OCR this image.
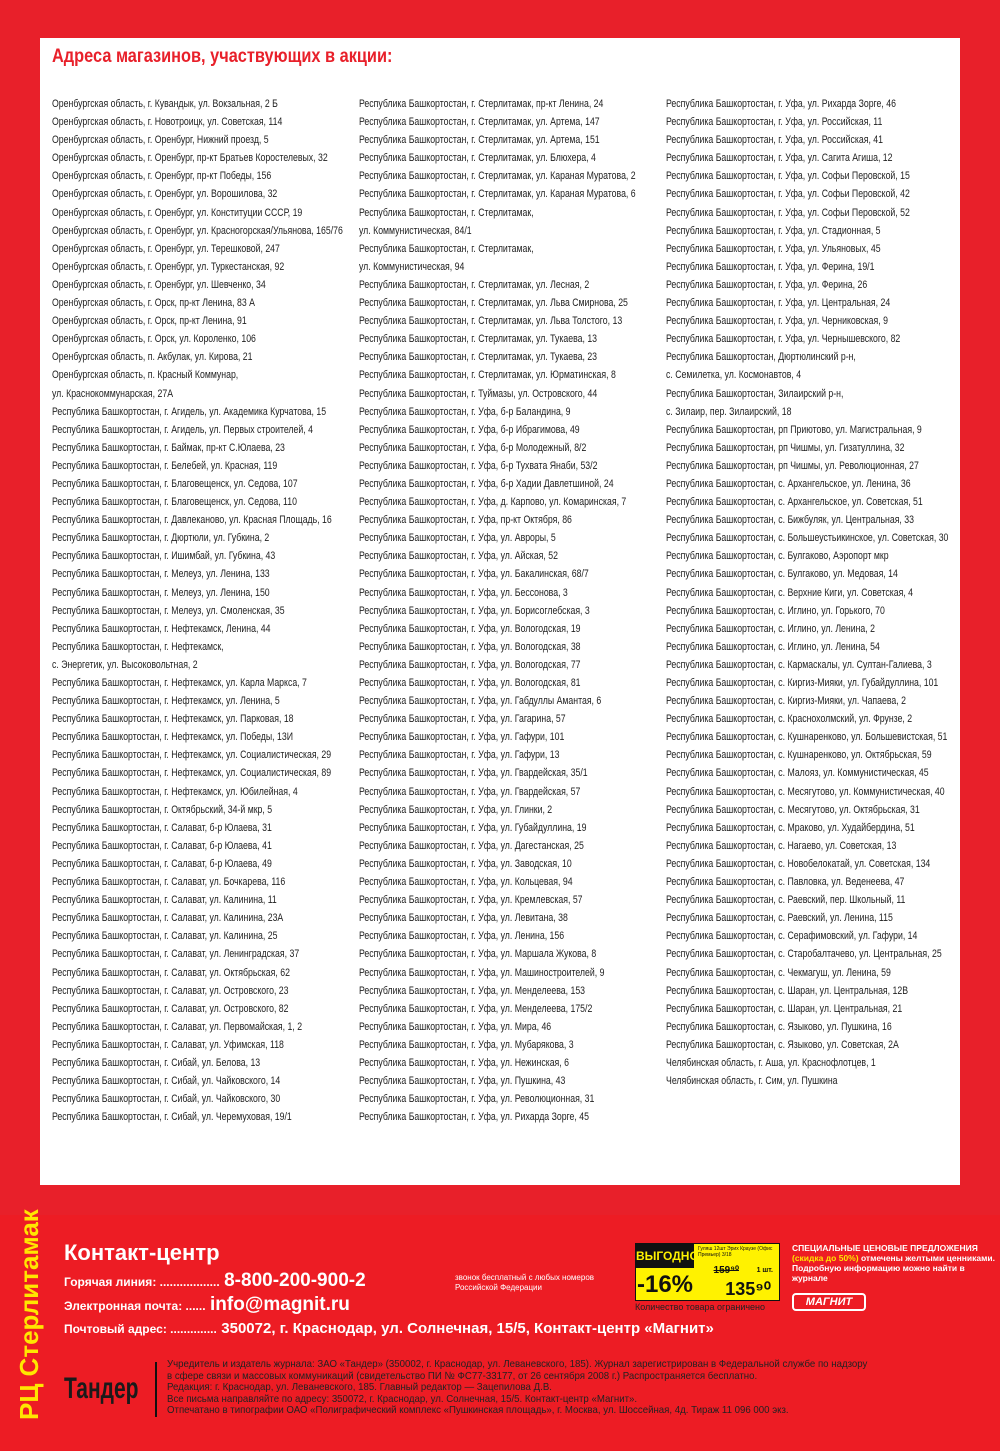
Адреса магазинов, участвующих в акции:
Оренбургская область, г. Кувандык, ул. Вокзальная, 2 Б
Оренбургская область, г. Новотроицк, ул. Советская, 114
Оренбургская область, г. Оренбург, Нижний проезд, 5
Оренбургская область, г. Оренбург, пр-кт Братьев Коростелевых, 32
Оренбургская область, г. Оренбург, пр-кт Победы, 156
Оренбургская область, г. Оренбург, ул. Ворошилова, 32
Оренбургская область, г. Оренбург, ул. Конституции СССР, 19
Оренбургская область, г. Оренбург, ул. Красногорская/Ульянова, 165/76
Оренбургская область, г. Оренбург, ул. Терешковой, 247
Оренбургская область, г. Оренбург, ул. Туркестанская, 92
Оренбургская область, г. Оренбург, ул. Шевченко, 34
Оренбургская область, г. Орск, пр-кт Ленина, 83 А
Оренбургская область, г. Орск, пр-кт Ленина, 91
Оренбургская область, г. Орск, ул. Короленко, 106
Оренбургская область, п. Акбулак, ул. Кирова, 21
Оренбургская область, п. Красный Коммунар,
ул. Краснокоммунарская, 27А
Республика Башкортостан, г. Агидель, ул. Академика Курчатова, 15
Республика Башкортостан, г. Агидель, ул. Первых строителей, 4
Республика Башкортостан, г. Баймак, пр-кт С.Юлаева, 23
Республика Башкортостан, г. Белебей, ул. Красная, 119
Республика Башкортостан, г. Благовещенск, ул. Седова, 107
Республика Башкортостан, г. Благовещенск, ул. Седова, 110
Республика Башкортостан, г. Давлеканово, ул. Красная Площадь, 16
Республика Башкортостан, г. Дюртюли, ул. Губкина, 2
Республика Башкортостан, г. Ишимбай, ул. Губкина, 43
Республика Башкортостан, г. Мелеуз, ул. Ленина, 133
Республика Башкортостан, г. Мелеуз, ул. Ленина, 150
Республика Башкортостан, г. Мелеуз, ул. Смоленская, 35
Республика Башкортостан, г. Нефтекамск, Ленина, 44
Республика Башкортостан, г. Нефтекамск,
с. Энергетик, ул. Высоковольтная, 2
Республика Башкортостан, г. Нефтекамск, ул. Карла Маркса, 7
Республика Башкортостан, г. Нефтекамск, ул. Ленина, 5
Республика Башкортостан, г. Нефтекамск, ул. Парковая, 18
Республика Башкортостан, г. Нефтекамск, ул. Победы, 13И
Республика Башкортостан, г. Нефтекамск, ул. Социалистическая, 29
Республика Башкортостан, г. Нефтекамск, ул. Социалистическая, 89
Республика Башкортостан, г. Нефтекамск, ул. Юбилейная, 4
Республика Башкортостан, г. Октябрьский, 34-й мкр, 5
Республика Башкортостан, г. Салават, б-р Юлаева, 31
Республика Башкортостан, г. Салават, б-р Юлаева, 41
Республика Башкортостан, г. Салават, б-р Юлаева, 49
Республика Башкортостан, г. Салават, ул. Бочкарева, 116
Республика Башкортостан, г. Салават, ул. Калинина, 11
Республика Башкортостан, г. Салават, ул. Калинина, 23А
Республика Башкортостан, г. Салават, ул. Калинина, 25
Республика Башкортостан, г. Салават, ул. Ленинградская, 37
Республика Башкортостан, г. Салават, ул. Октябрьская, 62
Республика Башкортостан, г. Салават, ул. Островского, 23
Республика Башкортостан, г. Салават, ул. Островского, 82
Республика Башкортостан, г. Салават, ул. Первомайская, 1, 2
Республика Башкортостан, г. Салават, ул. Уфимская, 118
Республика Башкортостан, г. Сибай, ул. Белова, 13
Республика Башкортостан, г. Сибай, ул. Чайковского, 14
Республика Башкортостан, г. Сибай, ул. Чайковского, 30
Республика Башкортостан, г. Сибай, ул. Черемуховая, 19/1
Республика Башкортостан, г. Стерлитамак, пр-кт Ленина, 24
Республика Башкортостан, г. Стерлитамак, ул. Артема, 147
Республика Башкортостан, г. Стерлитамак, ул. Артема, 151
Республика Башкортостан, г. Стерлитамак, ул. Блюхера, 4
Республика Башкортостан, г. Стерлитамак, ул. Караная Муратова, 2
Республика Башкортостан, г. Стерлитамак, ул. Караная Муратова, 6
Республика Башкортостан, г. Стерлитамак,
ул. Коммунистическая, 84/1
Республика Башкортостан, г. Стерлитамак,
ул. Коммунистическая, 94
Республика Башкортостан, г. Стерлитамак, ул. Лесная, 2
Республика Башкортостан, г. Стерлитамак, ул. Льва Смирнова, 25
Республика Башкортостан, г. Стерлитамак, ул. Льва Толстого, 13
Республика Башкортостан, г. Стерлитамак, ул. Тукаева, 13
Республика Башкортостан, г. Стерлитамак, ул. Тукаева, 23
Республика Башкортостан, г. Стерлитамак, ул. Юрматинская, 8
Республика Башкортостан, г. Туймазы, ул. Островского, 44
Республика Башкортостан, г. Уфа, б-р Баландина, 9
Республика Башкортостан, г. Уфа, б-р Ибрагимова, 49
Республика Башкортостан, г. Уфа, б-р Молодежный, 8/2
Республика Башкортостан, г. Уфа, б-р Тухвата Янаби, 53/2
Республика Башкортостан, г. Уфа, б-р Хадии Давлетшиной, 24
Республика Башкортостан, г. Уфа, д. Карпово, ул. Комаринская, 7
Республика Башкортостан, г. Уфа, пр-кт Октября, 86
Республика Башкортостан, г. Уфа, ул. Авроры, 5
Республика Башкортостан, г. Уфа, ул. Айская, 52
Республика Башкортостан, г. Уфа, ул. Бакалинская, 68/7
Республика Башкортостан, г. Уфа, ул. Бессонова, 3
Республика Башкортостан, г. Уфа, ул. Борисоглебская, 3
Республика Башкортостан, г. Уфа, ул. Вологодская, 19
Республика Башкортостан, г. Уфа, ул. Вологодская, 38
Республика Башкортостан, г. Уфа, ул. Вологодская, 77
Республика Башкортостан, г. Уфа, ул. Вологодская, 81
Республика Башкортостан, г. Уфа, ул. Габдуллы Амантая, 6
Республика Башкортостан, г. Уфа, ул. Гагарина, 57
Республика Башкортостан, г. Уфа, ул. Гафури, 101
Республика Башкортостан, г. Уфа, ул. Гафури, 13
Республика Башкортостан, г. Уфа, ул. Гвардейская, 35/1
Республика Башкортостан, г. Уфа, ул. Гвардейская, 57
Республика Башкортостан, г. Уфа, ул. Глинки, 2
Республика Башкортостан, г. Уфа, ул. Губайдуллина, 19
Республика Башкортостан, г. Уфа, ул. Дагестанская, 25
Республика Башкортостан, г. Уфа, ул. Заводская, 10
Республика Башкортостан, г. Уфа, ул. Кольцевая, 94
Республика Башкортостан, г. Уфа, ул. Кремлевская, 57
Республика Башкортостан, г. Уфа, ул. Левитана, 38
Республика Башкортостан, г. Уфа, ул. Ленина, 156
Республика Башкортостан, г. Уфа, ул. Маршала Жукова, 8
Республика Башкортостан, г. Уфа, ул. Машиностроителей, 9
Республика Башкортостан, г. Уфа, ул. Менделеева, 153
Республика Башкортостан, г. Уфа, ул. Менделеева, 175/2
Республика Башкортостан, г. Уфа, ул. Мира, 46
Республика Башкортостан, г. Уфа, ул. Мубарякова, 3
Республика Башкортостан, г. Уфа, ул. Нежинская, 6
Республика Башкортостан, г. Уфа, ул. Пушкина, 43
Республика Башкортостан, г. Уфа, ул. Революционная, 31
Республика Башкортостан, г. Уфа, ул. Рихарда Зорге, 45
Республика Башкортостан, г. Уфа, ул. Рихарда Зорге, 46
Республика Башкортостан, г. Уфа, ул. Российская, 11
Республика Башкортостан, г. Уфа, ул. Российская, 41
Республика Башкортостан, г. Уфа, ул. Сагита Агиша, 12
Республика Башкортостан, г. Уфа, ул. Софьи Перовской, 15
Республика Башкортостан, г. Уфа, ул. Софьи Перовской, 42
Республика Башкортостан, г. Уфа, ул. Софьи Перовской, 52
Республика Башкортостан, г. Уфа, ул. Стадионная, 5
Республика Башкортостан, г. Уфа, ул. Ульяновых, 45
Республика Башкортостан, г. Уфа, ул. Ферина, 19/1
Республика Башкортостан, г. Уфа, ул. Ферина, 26
Республика Башкортостан, г. Уфа, ул. Центральная, 24
Республика Башкортостан, г. Уфа, ул. Черниковская, 9
Республика Башкортостан, г. Уфа, ул. Чернышевского, 82
Республика Башкортостан, Дюртюлинский р-н,
с. Семилетка, ул. Космонавтов, 4
Республика Башкортостан, Зилаирский р-н,
с. Зилаир, пер. Зилаирский, 18
Республика Башкортостан, рп Приютово, ул. Магистральная, 9
Республика Башкортостан, рп Чишмы, ул. Гизатуллина, 32
Республика Башкортостан, рп Чишмы, ул. Революционная, 27
Республика Башкортостан, с. Архангельское, ул. Ленина, 36
Республика Башкортостан, с. Архангельское, ул. Советская, 51
Республика Башкортостан, с. Бижбуляк, ул. Центральная, 33
Республика Башкортостан, с. Большеустьикинское, ул. Советская, 30
Республика Башкортостан, с. Булгаково, Аэропорт мкр
Республика Башкортостан, с. Булгаково, ул. Медовая, 14
Республика Башкортостан, с. Верхние Киги, ул. Советская, 4
Республика Башкортостан, с. Иглино, ул. Горького, 70
Республика Башкортостан, с. Иглино, ул. Ленина, 2
Республика Башкортостан, с. Иглино, ул. Ленина, 54
Республика Башкортостан, с. Кармаскалы, ул. Султан-Галиева, 3
Республика Башкортостан, с. Киргиз-Мияки, ул. Губайдуллина, 101
Республика Башкортостан, с. Киргиз-Мияки, ул. Чапаева, 2
Республика Башкортостан, с. Краснохолмский, ул. Фрунзе, 2
Республика Башкортостан, с. Кушнаренково, ул. Большевистская, 51
Республика Башкортостан, с. Кушнаренково, ул. Октябрьская, 59
Республика Башкортостан, с. Малояз, ул. Коммунистическая, 45
Республика Башкортостан, с. Месягутово, ул. Коммунистическая, 40
Республика Башкортостан, с. Месягутово, ул. Октябрьская, 31
Республика Башкортостан, с. Мраково, ул. Худайбердина, 51
Республика Башкортостан, с. Нагаево, ул. Советская, 13
Республика Башкортостан, с. Новобелокатай, ул. Советская, 134
Республика Башкортостан, с. Павловка, ул. Веденеева, 47
Республика Башкортостан, с. Раевский, пер. Школьный, 11
Республика Башкортостан, с. Раевский, ул. Ленина, 115
Республика Башкортостан, с. Серафимовский, ул. Гафури, 14
Республика Башкортостан, с. Старобалтачево, ул. Центральная, 25
Республика Башкортостан, с. Чекмагуш, ул. Ленина, 59
Республика Башкортостан, с. Шаран, ул. Центральная, 12В
Республика Башкортостан, с. Шаран, ул. Центральная, 21
Республика Башкортостан, с. Языково, ул. Пушкина, 16
Республика Башкортостан, с. Языково, ул. Советская, 2А
Челябинская область, г. Аша, ул. Краснофлотцев, 1
Челябинская область, г. Сим, ул. Пушкина
РЦ Стерлитамак Контакт-центр
Горячая линия: .................. 8-800-200-900-2	звонок бесплатный с любых номеров
Российской Федерации
Электронная почта: ...... info@magnit.ru
Почтовый адрес: .............. 350072, г. Краснодар, ул. Солнечная, 15/5, Контакт-центр «Магнит»
ВЫГОДНО
-16%
Гуляш 12шт Эрих Краузе (Офис Премьер) 3/18
159⁹⁰	1 шт.
135⁹⁰
Количество товара ограничено
СПЕЦИАЛЬНЫЕ ЦЕНОВЫЕ ПРЕДЛОЖЕНИЯ
(скидка до 50%) отмечены желтыми ценниками. Подробную информацию можно найти в журнале
МАГНИТ
Тандер
Учредитель и издатель журнала: ЗАО «Тандер» (350002, г. Краснодар, ул. Леваневского, 185). Журнал зарегистрирован в Федеральной службе по надзору
в сфере связи и массовых коммуникаций (свидетельство ПИ № ФС77-33177, от 26 сентября 2008 г.) Распространяется бесплатно.
Редакция: г. Краснодар, ул. Леваневского, 185. Главный редактор — Зацепилова Д.В.
Все письма направляйте по адресу: 350072, г. Краснодар, ул. Солнечная, 15/5. Контакт-центр «Магнит».
Отпечатано в типографии ОАО «Полиграфический комплекс «Пушкинская площадь», г. Москва, ул. Шоссейная, 4д. Тираж 11 096 000 экз.
